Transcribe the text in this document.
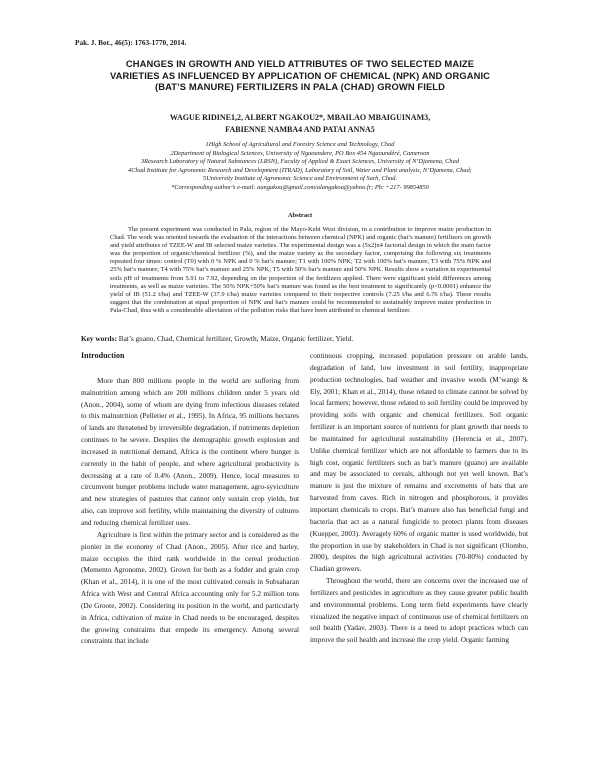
Pak. J. Bot., 46(5): 1763-1770, 2014.
CHANGES IN GROWTH AND YIELD ATTRIBUTES OF TWO SELECTED MAIZE
VARIETIES AS INFLUENCED BY APPLICATION OF CHEMICAL (NPK) AND ORGANIC
(BAT’S MANURE) FERTILIZERS IN PALA (CHAD) GROWN FIELD
WAGUE RIDINE1,2, ALBERT NGAKOU2*, MBAILAO MBAIGUINAM3,
FABIENNE NAMBA4 AND PATAI ANNA5
1High School of Agricultural and Forestry Science and Technology, Chad
2Department of Biological Sciences, University of Ngaoundere, PO Box 454 Ngaoundéré, Cameroon
3Research Laboratory of Natural Substances (LRSN), Faculty of Applied & Exact Sciences, University of N’Djamena, Chad
4Chad Institute for Agronomic Research and Development (ITRAD), Laboratory of Soil, Water and Plant analysis, N’Djamena, Chad;
5University Institute of Agronomic Science and Environment of Sarh, Chad.
*Corresponding author’s e-mail: aangakou@gmail.com/alangakou@yahoo.fr; Ph: +217- 99854850
Abstract

The present experiment was conducted in Pala, region of the Mayo-Kebi West division, in a contribution to improve maize production in Chad. The work was oriented towards the evaluation of the interactions between chemical (NPK) and organic (bat’s manure) fertilizers on growth and yield attributes of TZEE-W and IB selected maize varieties. The experimental design was a (5x2)x4 factorial design in which the main factor was the proportion of organic/chemical fertilizer (%), and the maize variety as the secondary factor, comprising the following six treatments repeated four times: control (T0) with 0 % NPK and 0 % bat’s manure; T1 with 100% NPK; T2 with 100% bat’s manure; T3 with 75% NPK and 25% bat’s manure; T4 with 75% bat’s manure and 25% NPK; T5 with 50% bat’s manure and 50% NPK. Results show a variation in experimental soils pH of treatments from 5.91 to 7.92, depending on the proportion of the fertilizers applied. There were significant yield differences among treatments, as well as maize varieties. The 50% NPK+50% bat’s manure was found as the best treatment to significantly (p<0.0001) enhance the yield of IB (51.2 t/ha) and TZEE-W (37.9 t/ha) maize varieties compared to their respective controls (7.25 t/ha and 6.76 t/ha). These results suggest that the combination at equal proportion of NPK and bat’s manure could be recommended to sustainably improve maize production in Pala-Chad, thus with a considerable alleviation of the pollution risks that have been attributed to chemical fertilizer.

Key words: Bat’s guano, Chad, Chemical fertilizer, Growth, Maize, Organic fertilizer, Yield.
Introduction

More than 800 millions people in the world are suffering from malnutrition among which are 200 millions children under 5 years old (Anon., 2004), some of whom are dying from infectious diseases related to this malnutrition (Pelletier et al., 1995). In Africa, 95 millions hectares of lands are threatened by irreversible degradation, if nutriments depletion continues to be severe. Despites the demographic growth explosion and increased in nutritional demand, Africa is the continent where hunger is currently in the habit of people, and where agricultural productivity is decreasing at a rate of 0.4% (Anon., 2009). Hence, local measures to circumvent hunger problems include water management, agro-syviculture and new strategies of pastures that cannot only sustain crop yields, but also, can improve soil fertility, while maintaining the diversity of cultures and reducing chemical fertilizer uses.

Agriculture is first within the primary sector and is considered as the pionier in the economy of Chad (Anon., 2005). After rice and barley, maize occupies the third rank worldwide in the cereal production (Memento Agronome, 2002). Grown for both as a fodder and grain crop (Khan et al., 2014), it is one of the most cultivated cereals in Subsaharan Africa with West and Central Africa accounting only for 5.2 million tons (De Groote, 2002). Considering its position in the world, and particularly in Africa, cultivation of maize in Chad needs to be encouraged, despites the growing constraints that empede its emergency. Among several constraints that include

continuous cropping, increased population pressure on arable lands, degradation of land, low investment in soil fertility, inappropriate production technologies, bad weather and invasive weeds (M’wangi & Ely, 2001; Khan et al., 2014), those related to climate cannot be solved by local farmers; however, those related to soil fertility could be improved by providing soils with organic and chemical fertilizers. Soil organic fertilizer is an important source of nutrients for plant growth that needs to be maintained for agricultural sustainability (Herencia et al., 2007). Unlike chemical fertilizer which are not affordable to farmers due to its high cost, organic fertilizers such as bat’s manure (guano) are available and may be associated to cereals, although not yet well known. Bat’s manure is just the mixture of remains and excrements of bats that are harvested from caves. Rich in nitrogen and phosphorous, it provides important chemicals to crops. Bat’s manure also has beneficial fungi and bacteria that act as a natural fungicide to protect plants from diseases (Kuepper, 2003). Averagely 60% of organic matter is used worldwide, but the proportion in use by stakeholders in Chad is not significant (Olombo, 2000), despites the high agricultural activities (70-80%) conducted by Chadian growers.

Throughout the world, there are concerns over the increased use of fertilizers and pesticides in agriculture as they cause greater public health and environmental problems. Long term field experiments have clearly visualized the negative impact of continuous use of chemical fertilizers on soil health (Yadav, 2003). There is a need to adopt practices which can improve the soil health and increase the crop yield. Organic farming
